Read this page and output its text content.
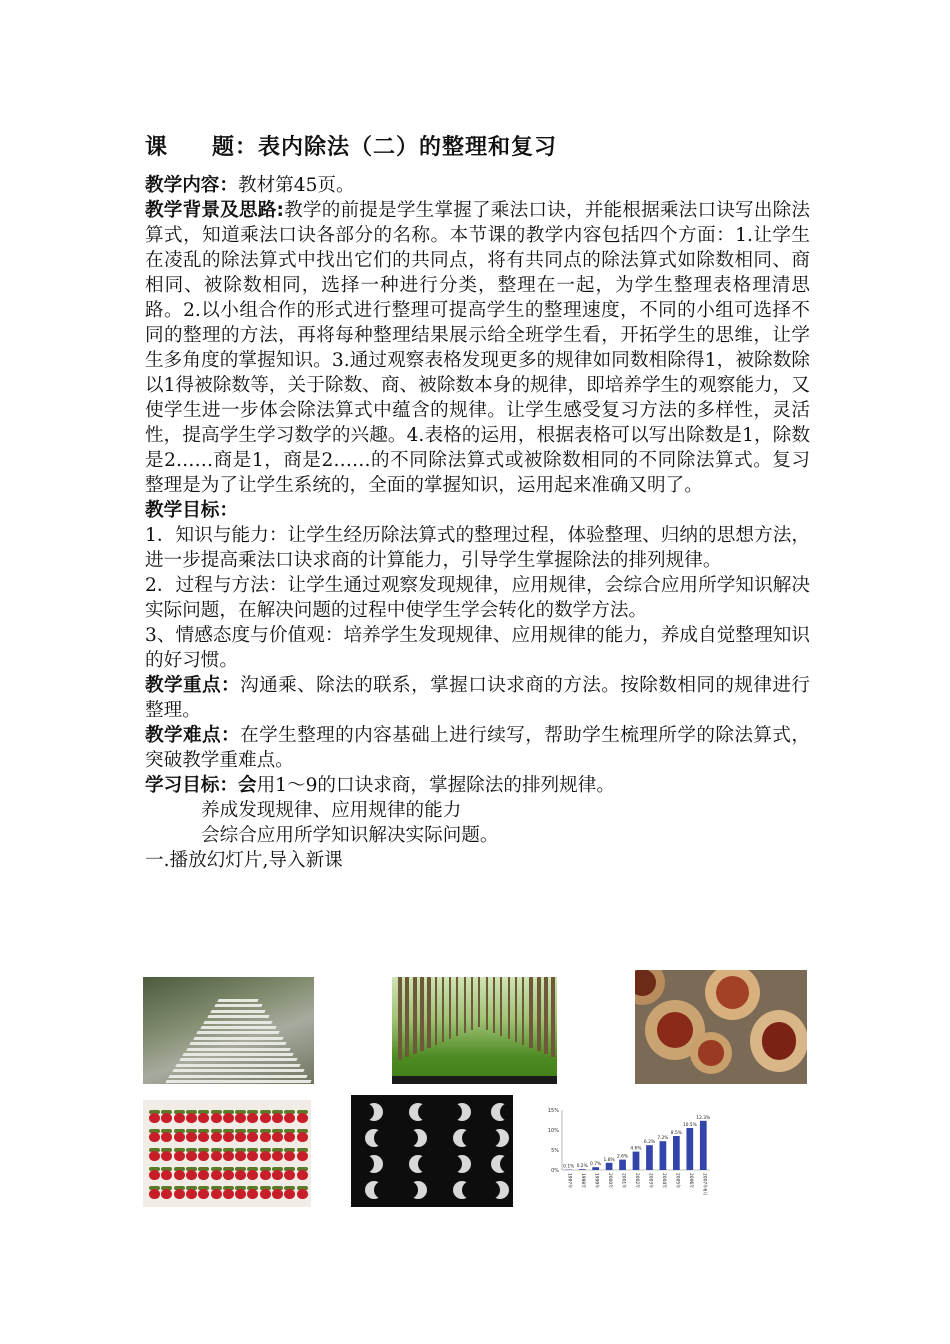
课 题：表内除法（二）的整理和复习

教学内容：教材第45页。

教学背景及思路:教学的前提是学生掌握了乘法口诀，并能根据乘法口诀写出除法算式，知道乘法口诀各部分的名称。本节课的教学内容包括四个方面：1.让学生在凌乱的除法算式中找出它们的共同点，将有共同点的除法算式如除数相同、商相同、被除数相同，选择一种进行分类，整理在一起，为学生整理表格理清思路。2.以小组合作的形式进行整理可提高学生的整理速度，不同的小组可选择不同的整理的方法，再将每种整理结果展示给全班学生看，开拓学生的思维，让学生多角度的掌握知识。3.通过观察表格发现更多的规律如同数相除得1，被除数除以1得被除数等，关于除数、商、被除数本身的规律，即培养学生的观察能力，又使学生进一步体会除法算式中蕴含的规律。让学生感受复习方法的多样性，灵活性，提高学生学习数学的兴趣。4.表格的运用，根据表格可以写出除数是1，除数是2……商是1，商是2……的不同除法算式或被除数相同的不同除法算式。复习整理是为了让学生系统的，全面的掌握知识，运用起来准确又明了。

教学目标：

1．知识与能力：让学生经历除法算式的整理过程，体验整理、归纳的思想方法，进一步提高乘法口诀求商的计算能力，引导学生掌握除法的排列规律。

2．过程与方法：让学生通过观察发现规律，应用规律，会综合应用所学知识解决实际问题，在解决问题的过程中使学生学会转化的数学方法。

3、情感态度与价值观：培养学生发现规律、应用规律的能力，养成自觉整理知识的好习惯。

教学重点：沟通乘、除法的联系，掌握口诀求商的方法。按除数相同的规律进行整理。

教学难点：在学生整理的内容基础上进行续写，帮助学生梳理所学的除法算式，突破教学重难点。

学习目标：会用1～9的口诀求商，掌握除法的排列规律。

养成发现规律、应用规律的能力

会综合应用所学知识解决实际问题。

一.播放幻灯片,导入新课

0%
5%
10%
15%
0.1%
1997年
0.2%
1998年
0.7%
1999年
1.8%
2000年
2.6%
2001年
4.6%
2002年
6.2%
2003年
7.2%
2004年
8.5%
2005年
10.5%
2006年
12.3%
2007年6月
